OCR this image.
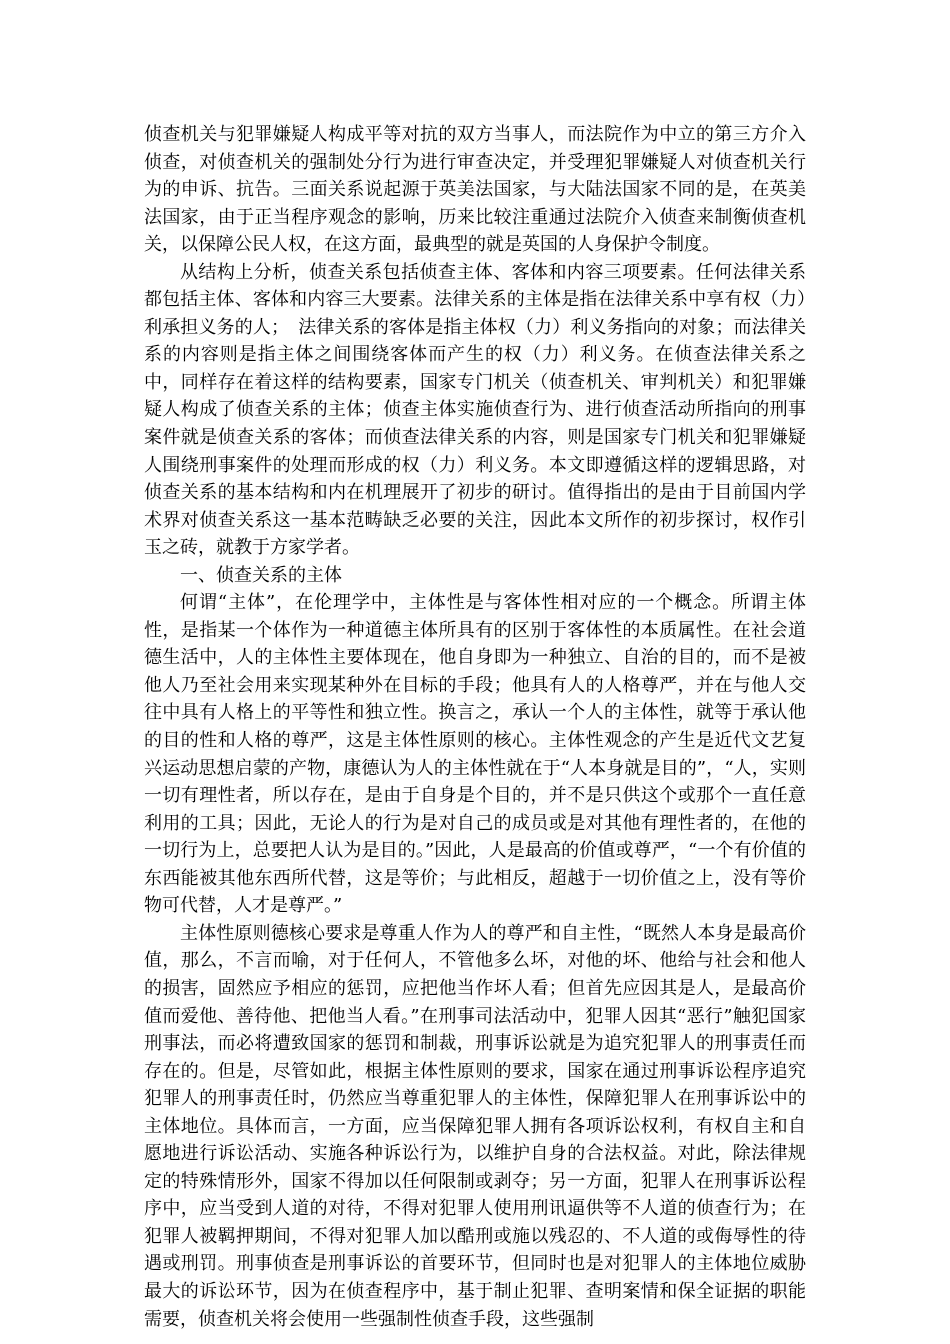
侦查机关与犯罪嫌疑人构成平等对抗的双方当事人，而法院作为中立的第三方介入侦查，对侦查机关的强制处分行为进行审查决定，并受理犯罪嫌疑人对侦查机关行为的申诉、抗告。三面关系说起源于英美法国家，与大陆法国家不同的是，在英美法国家，由于正当程序观念的影响，历来比较注重通过法院介入侦查来制衡侦查机关，以保障公民人权，在这方面，最典型的就是英国的人身保护令制度。

从结构上分析，侦查关系包括侦查主体、客体和内容三项要素。任何法律关系都包括主体、客体和内容三大要素。法律关系的主体是指在法律关系中享有权（力）利承担义务的人；　法律关系的客体是指主体权（力）利义务指向的对象；而法律关系的内容则是指主体之间围绕客体而产生的权（力）利义务。在侦查法律关系之中，同样存在着这样的结构要素，国家专门机关（侦查机关、审判机关）和犯罪嫌疑人构成了侦查关系的主体；侦查主体实施侦查行为、进行侦查活动所指向的刑事案件就是侦查关系的客体；而侦查法律关系的内容，则是国家专门机关和犯罪嫌疑人围绕刑事案件的处理而形成的权（力）利义务。本文即遵循这样的逻辑思路，对侦查关系的基本结构和内在机理展开了初步的研讨。值得指出的是由于目前国内学术界对侦查关系这一基本范畴缺乏必要的关注，因此本文所作的初步探讨，权作引玉之砖，就教于方家学者。

一、侦查关系的主体

何谓“主体”，在伦理学中，主体性是与客体性相对应的一个概念。所谓主体性，是指某一个体作为一种道德主体所具有的区别于客体性的本质属性。在社会道德生活中，人的主体性主要体现在，他自身即为一种独立、自治的目的，而不是被他人乃至社会用来实现某种外在目标的手段；他具有人的人格尊严，并在与他人交往中具有人格上的平等性和独立性。换言之，承认一个人的主体性，就等于承认他的目的性和人格的尊严，这是主体性原则的核心。主体性观念的产生是近代文艺复兴运动思想启蒙的产物，康德认为人的主体性就在于“人本身就是目的”，“人，实则一切有理性者，所以存在，是由于自身是个目的，并不是只供这个或那个一直任意利用的工具；因此，无论人的行为是对自己的成员或是对其他有理性者的，在他的一切行为上，总要把人认为是目的。”因此，人是最高的价值或尊严，“一个有价值的东西能被其他东西所代替，这是等价；与此相反，超越于一切价值之上，没有等价物可代替，人才是尊严。”

主体性原则德核心要求是尊重人作为人的尊严和自主性，“既然人本身是最高价值，那么，不言而喻，对于任何人，不管他多么坏，对他的坏、他给与社会和他人的损害，固然应予相应的惩罚，应把他当作坏人看；但首先应因其是人，是最高价值而爱他、善待他、把他当人看。”在刑事司法活动中，犯罪人因其“恶行”触犯国家刑事法，而必将遭致国家的惩罚和制裁，刑事诉讼就是为追究犯罪人的刑事责任而存在的。但是，尽管如此，根据主体性原则的要求，国家在通过刑事诉讼程序追究犯罪人的刑事责任时，仍然应当尊重犯罪人的主体性，保障犯罪人在刑事诉讼中的主体地位。具体而言，一方面，应当保障犯罪人拥有各项诉讼权利，有权自主和自愿地进行诉讼活动、实施各种诉讼行为，以维护自身的合法权益。对此，除法律规定的特殊情形外，国家不得加以任何限制或剥夺；另一方面，犯罪人在刑事诉讼程序中，应当受到人道的对待，不得对犯罪人使用刑讯逼供等不人道的侦查行为；在犯罪人被羁押期间，不得对犯罪人加以酷刑或施以残忍的、不人道的或侮辱性的待遇或刑罚。刑事侦查是刑事诉讼的首要环节，但同时也是对犯罪人的主体地位威胁最大的诉讼环节，因为在侦查程序中，基于制止犯罪、查明案情和保全证据的职能需要，侦查机关将会使用一些强制性侦查手段，这些强制
